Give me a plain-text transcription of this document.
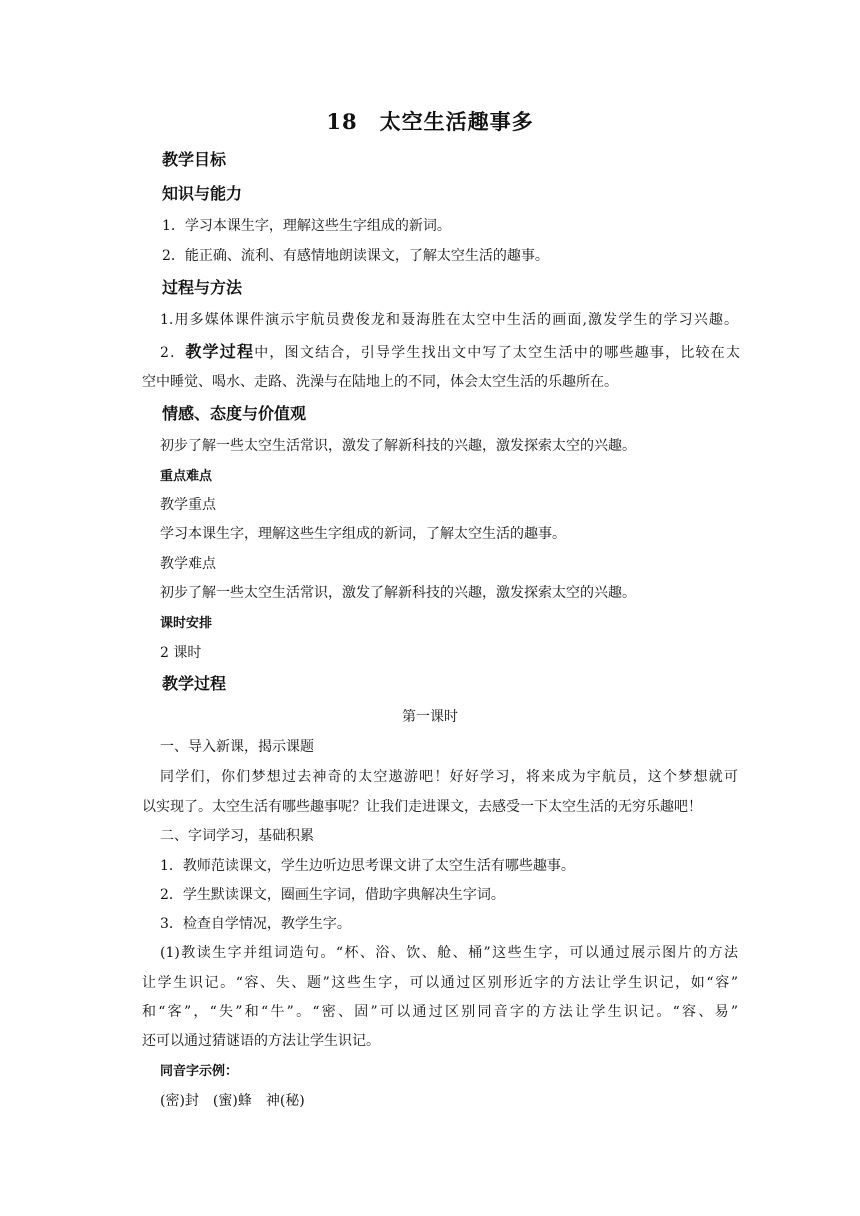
18 太空生活趣事多
教学目标
知识与能力
1．学习本课生字，理解这些生字组成的新词。
2．能正确、流利、有感情地朗读课文，了解太空生活的趣事。
过程与方法
1.用多媒体课件演示宇航员费俊龙和聂海胜在太空中生活的画面,激发学生的学习兴趣。
2．教学过程中，图文结合，引导学生找出文中写了太空生活中的哪些趣事，比较在太
空中睡觉、喝水、走路、洗澡与在陆地上的不同，体会太空生活的乐趣所在。
情感、态度与价值观
初步了解一些太空生活常识，激发了解新科技的兴趣，激发探索太空的兴趣。
重点难点
教学重点
学习本课生字，理解这些生字组成的新词，了解太空生活的趣事。
教学难点
初步了解一些太空生活常识，激发了解新科技的兴趣，激发探索太空的兴趣。
课时安排
2 课时
教学过程
第一课时
一、导入新课，揭示课题
同学们，你们梦想过去神奇的太空遨游吧！好好学习，将来成为宇航员，这个梦想就可
以实现了。太空生活有哪些趣事呢？让我们走进课文，去感受一下太空生活的无穷乐趣吧！
二、字词学习，基础积累
1．教师范读课文，学生边听边思考课文讲了太空生活有哪些趣事。
2．学生默读课文，圈画生字词，借助字典解决生字词。
3．检查自学情况，教学生字。
(1)教读生字并组词造句。“杯、浴、饮、舱、桶”这些生字，可以通过展示图片的方法
让学生识记。“容、失、题”这些生字，可以通过区别形近字的方法让学生识记，如“容”
和“客”，“失”和“牛”。“密、固”可以通过区别同音字的方法让学生识记。“容、易”
还可以通过猜谜语的方法让学生识记。
同音字示例：
(密)封　(蜜)蜂　神(秘)
